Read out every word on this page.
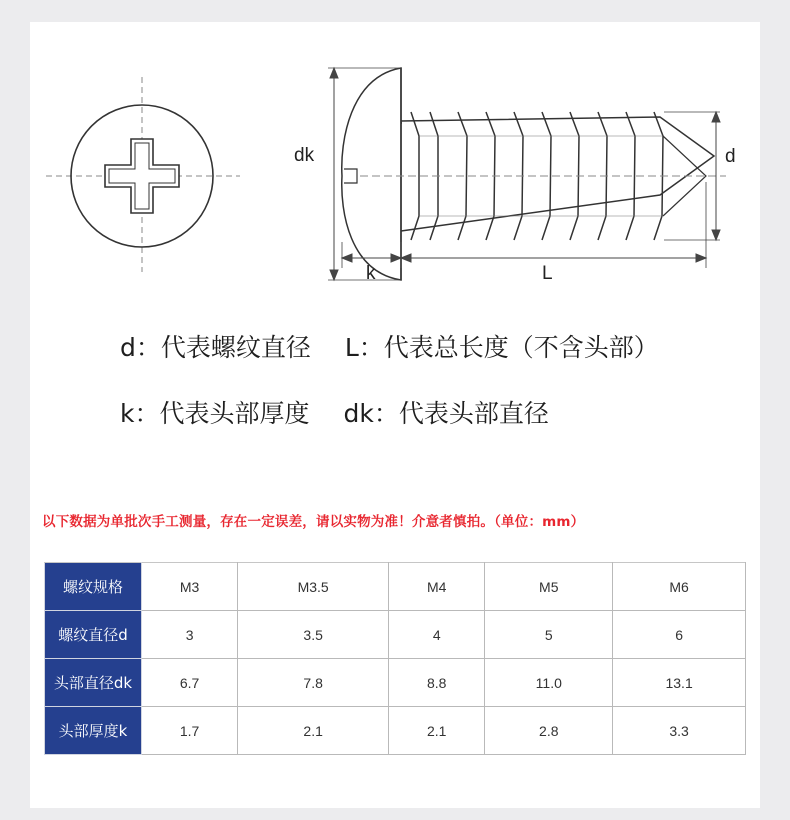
dk	d
k	L
d：代表螺纹直径 L：代表总长度（不含头部）
k：代表头部厚度 dk：代表头部直径
以下数据为单批次手工测量，存在一定误差，请以实物为准！介意者慎拍。（单位：mm）
螺纹规格	M3	M3.5	M4	M5	M6
螺纹直径d	3	3.5	4	5	6
头部直径dk	6.7	7.8	8.8	11.0	13.1
头部厚度k	1.7	2.1	2.1	2.8	3.3
